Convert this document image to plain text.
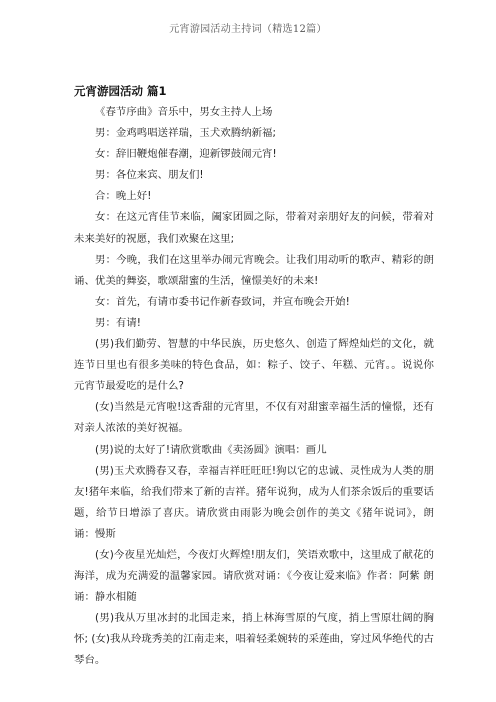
元宵游园活动主持词（精选12篇）

元宵游园活动 篇1

《春节序曲》音乐中，男女主持人上场

男：金鸡鸣唱送祥瑞，玉犬欢腾纳新福;

女：辞旧鞭炮催春潮，迎新锣鼓闹元宵!

男：各位来宾、朋友们!

合：晚上好!

女：在这元宵佳节来临，阖家团圆之际，带着对亲朋好友的问候，带着对未来美好的祝愿，我们欢聚在这里;

男：今晚，我们在这里举办闹元宵晚会。让我们用动听的歌声、精彩的朗诵、优美的舞姿，歌颂甜蜜的生活，憧憬美好的未来!

女：首先，有请市委书记作新春致词，并宣布晚会开始!

男：有请!

(男)我们勤劳、智慧的中华民族，历史悠久、创造了辉煌灿烂的文化，就连节日里也有很多美味的特色食品，如：粽子、饺子、年糕、元宵。。说说你元宵节最爱吃的是什么?

(女)当然是元宵啦!这香甜的元宵里，不仅有对甜蜜幸福生活的憧憬，还有对亲人浓浓的美好祝福。

(男)说的太好了!请欣赏歌曲《卖汤圆》演唱：画儿

(男)玉犬欢腾春又春，幸福吉祥旺旺旺!狗以它的忠诚、灵性成为人类的朋友!猪年来临，给我们带来了新的吉祥。猪年说狗，成为人们茶余饭后的重要话题，给节日增添了喜庆。请欣赏由雨影为晚会创作的美文《猪年说词》，朗诵：慢斯

(女)今夜星光灿烂，今夜灯火辉煌!朋友们，笑语欢歌中，这里成了献花的海洋，成为充满爱的温馨家园。请欣赏对诵：《今夜让爱来临》作者：阿紫 朗诵：静水相随

(男)我从万里冰封的北国走来，捎上林海雪原的气度，捎上雪原壮阔的胸怀; (女)我从玲珑秀美的江南走来，唱着轻柔婉转的采莲曲，穿过风华绝代的古琴台。
